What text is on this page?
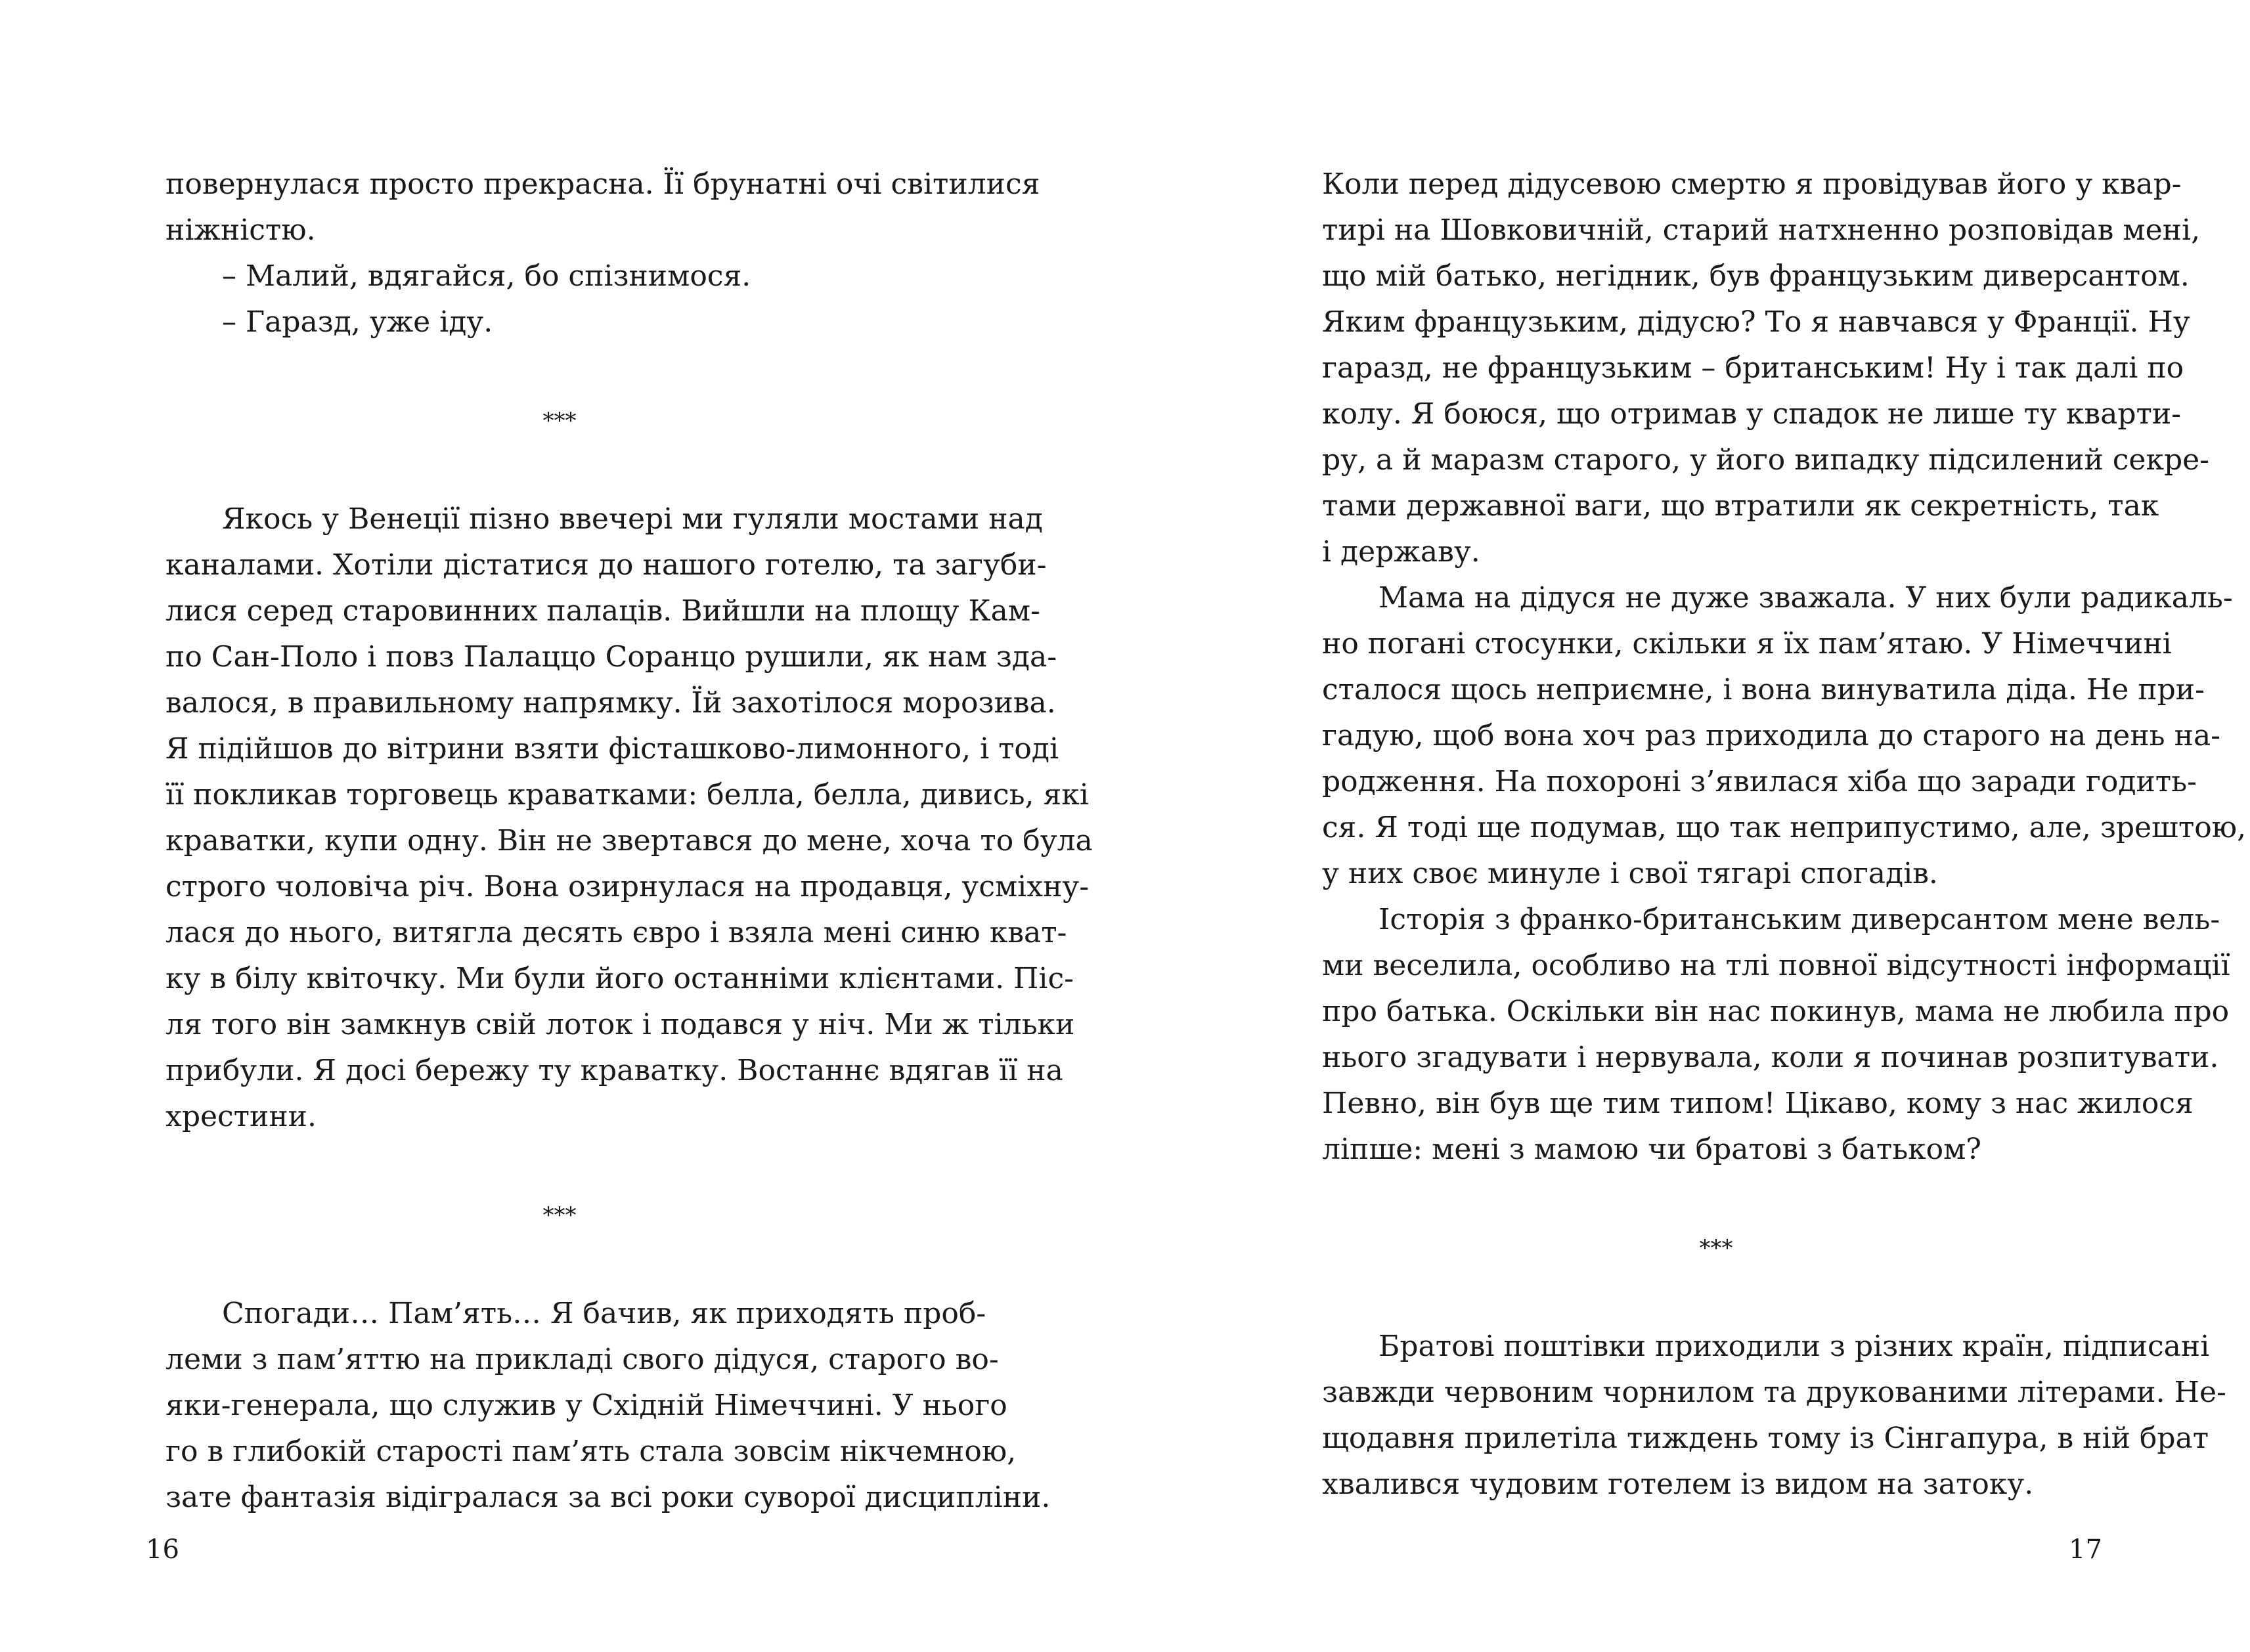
повернулася просто прекрасна. Її брунатні очі світилися
ніжністю.
– Малий, вдягайся, бо спізнимося.
– Гаразд, уже іду.
***
Якось у Венеції пізно ввечері ми гуляли мостами над
каналами. Хотіли дістатися до нашого готелю, та загуби-
лися серед старовинних палаців. Вийшли на площу Кам-
по Сан-Поло і повз Палаццо Соранцо рушили, як нам зда-
валося, в правильному напрямку. Їй захотілося морозива.
Я підійшов до вітрини взяти фісташково-лимонного, і тоді
її покликав торговець краватками: белла, белла, дивись, які
краватки, купи одну. Він не звертався до мене, хоча то була
строго чоловіча річ. Вона озирнулася на продавця, усміхну-
лася до нього, витягла десять євро і взяла мені синю кват-
ку в білу квіточку. Ми були його останніми клієнтами. Піс-
ля того він замкнув свій лоток і подався у ніч. Ми ж тільки
прибули. Я досі бережу ту краватку. Востаннє вдягав її на
хрестини.
***
Спогади… Пам’ять… Я бачив, як приходять проб-
леми з пам’яттю на прикладі свого дідуся, старого во-
яки-генерала, що служив у Східній Німеччині. У нього
го в глибокій старості пам’ять стала зовсім нікчемною,
зате фантазія відігралася за всі роки суворої дисципліни.
16
Коли перед дідусевою смертю я провідував його у квар-
тирі на Шовковичній, старий натхненно розповідав мені,
що мій батько, негідник, був французьким диверсантом.
Яким французьким, дідусю? То я навчався у Франції. Ну
гаразд, не французьким – британським! Ну і так далі по
колу. Я боюся, що отримав у спадок не лише ту кварти-
ру, а й маразм старого, у його випадку підсилений секре-
тами державної ваги, що втратили як секретність, так
і державу.
Мама на дідуся не дуже зважала. У них були радикаль-
но погані стосунки, скільки я їх пам’ятаю. У Німеччині
сталося щось неприємне, і вона винуватила діда. Не при-
гадую, щоб вона хоч раз приходила до старого на день на-
родження. На похороні з’явилася хіба що заради годить-
ся. Я тоді ще подумав, що так неприпустимо, але, зрештою,
у них своє минуле і свої тягарі спогадів.
Історія з франко-британським диверсантом мене вель-
ми веселила, особливо на тлі повної відсутності інформації
про батька. Оскільки він нас покинув, мама не любила про
нього згадувати і нервувала, коли я починав розпитувати.
Певно, він був ще тим типом! Цікаво, кому з нас жилося
ліпше: мені з мамою чи братові з батьком?
***
Братові поштівки приходили з різних країн, підписані
завжди червоним чорнилом та друкованими літерами. Не-
щодавня прилетіла тиждень тому із Сінгапура, в ній брат
хвалився чудовим готелем із видом на затоку.
17
